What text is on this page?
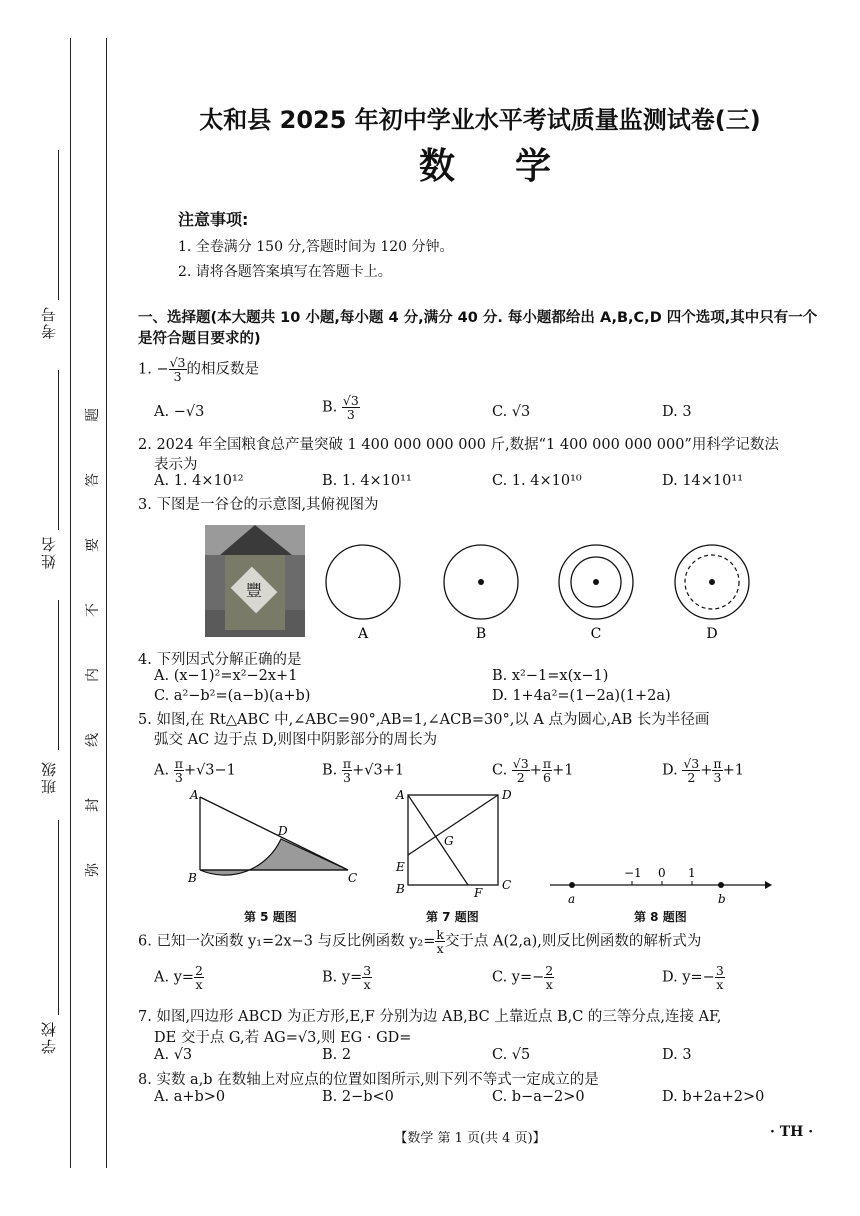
考号
姓名
班级
学校
题
答
要
不
内
线
封
弥
太和县 2025 年初中学业水平考试质量监测试卷(三)
数学
注意事项:
1. 全卷满分 150 分,答题时间为 120 分钟。
2. 请将各题答案填写在答题卡上。
一、选择题(本大题共 10 小题,每小题 4 分,满分 40 分. 每小题都给出 A,B,C,D 四个选项,其中只有一个是符合题目要求的)
1. − $\frac{√3}{3}$ 的相反数是
A. −√3	B. $\frac{√3}{3}$	C. √3	D. 3
2. 2024 年全国粮食总产量突破 1 400 000 000 000 斤,数据“1 400 000 000 000”用科学记数法
表示为
A. 1. 4×10¹²	B. 1. 4×10¹¹	C. 1. 4×10¹⁰	D. 14×10¹¹
3. 下图是一谷仓的示意图,其俯视图为
豐
A	B	C	D
4. 下列因式分解正确的是
A. (x−1)²=x²−2x+1	B. x²−1=x(x−1)
C. a²−b²=(a−b)(a+b)	D. 1+4a²=(1−2a)(1+2a)
5. 如图,在 Rt△ABC 中,∠ABC=90°,AB=1,∠ACB=30°,以 A 点为圆心,AB 长为半径画
弧交 AC 边于点 D,则图中阴影部分的周长为
A. $\frac{\pi}{3} +√3-1$	B. $\frac{\pi}{3} +√3+1$	C. $\frac{√3}{2} + \frac{\pi}{6} +1$	D. $\frac{√3}{2} + \frac{\pi}{3} +1$
A
B	C
D
A	D
B	C
E
F
G
a
−1 0 1
b
第 5 题图	第 7 题图	第 8 题图
6. 已知一次函数 y₁=2x−3 与反比例函数 $y_2= \frac{k}{x}$ 交于点 A(2,a),则反比例函数的解析式为
A. $y= \frac{2}{x}$	B. $y= \frac{3}{x}$	C. $y=- \frac{2}{x}$	D. $y=- \frac{3}{x}$
7. 如图,四边形 ABCD 为正方形,E,F 分别为边 AB,BC 上靠近点 B,C 的三等分点,连接 AF,
DE 交于点 G,若 AG=√3,则 EG · GD=
A. √3	B. 2	C. √5	D. 3
8. 实数 a,b 在数轴上对应点的位置如图所示,则下列不等式一定成立的是
A. a+b>0	B. 2−b<0	C. b−a−2>0	D. b+2a+2>0
【数学 第 1 页(共 4 页)】	· TH ·
